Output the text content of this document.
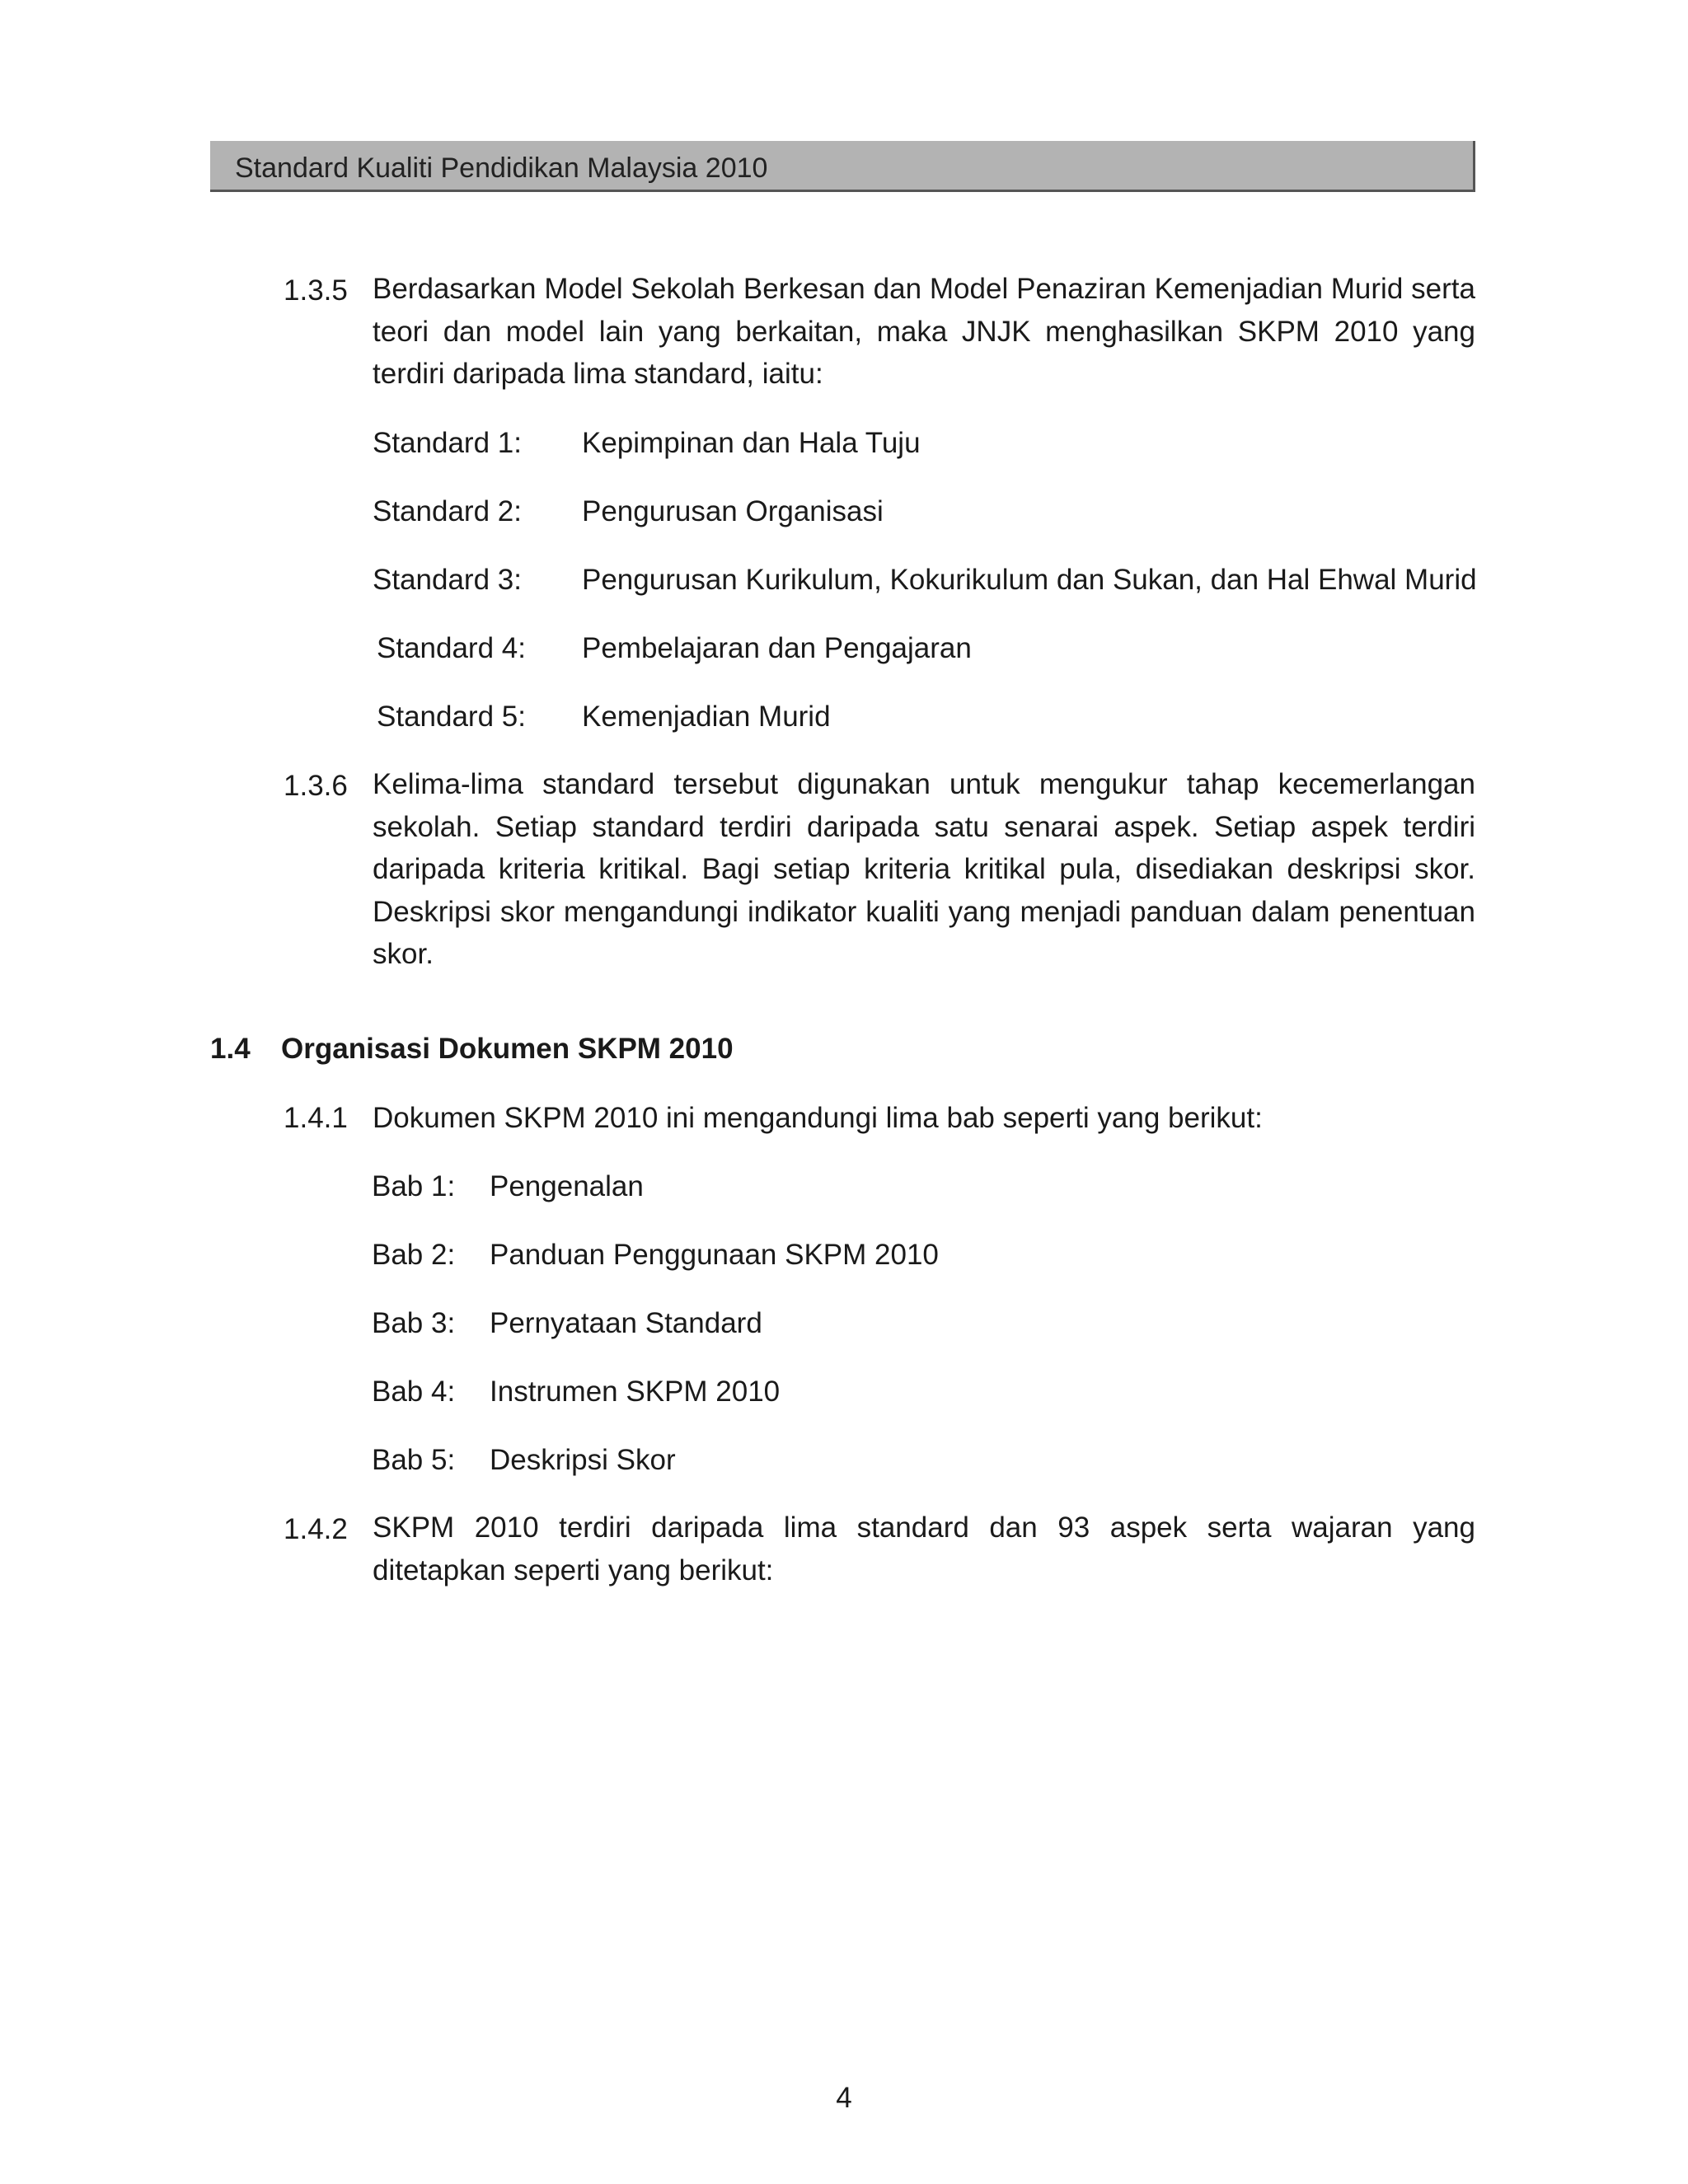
Standard Kualiti Pendidikan Malaysia 2010
1.3.5 Berdasarkan Model Sekolah Berkesan dan Model Penaziran Kemenjadian Murid serta teori dan model lain yang berkaitan, maka JNJK menghasilkan SKPM 2010 yang terdiri daripada lima standard, iaitu:
Standard 1: Kepimpinan dan Hala Tuju
Standard 2: Pengurusan Organisasi
Standard 3: Pengurusan Kurikulum, Kokurikulum dan Sukan, dan Hal Ehwal Murid
Standard 4: Pembelajaran dan Pengajaran
Standard 5: Kemenjadian Murid
1.3.6 Kelima-lima standard tersebut digunakan untuk mengukur tahap kecemerlangan sekolah. Setiap standard terdiri daripada satu senarai aspek. Setiap aspek terdiri daripada kriteria kritikal. Bagi setiap kriteria kritikal pula, disediakan deskripsi skor. Deskripsi skor mengandungi indikator kualiti yang menjadi panduan dalam penentuan skor.
1.4 Organisasi Dokumen SKPM 2010
1.4.1 Dokumen SKPM 2010 ini mengandungi lima bab seperti yang berikut:
Bab 1: Pengenalan
Bab 2: Panduan Penggunaan SKPM 2010
Bab 3: Pernyataan Standard
Bab 4: Instrumen SKPM 2010
Bab 5: Deskripsi Skor
1.4.2 SKPM 2010 terdiri daripada lima standard dan 93 aspek serta wajaran yang ditetapkan seperti yang berikut:
4
